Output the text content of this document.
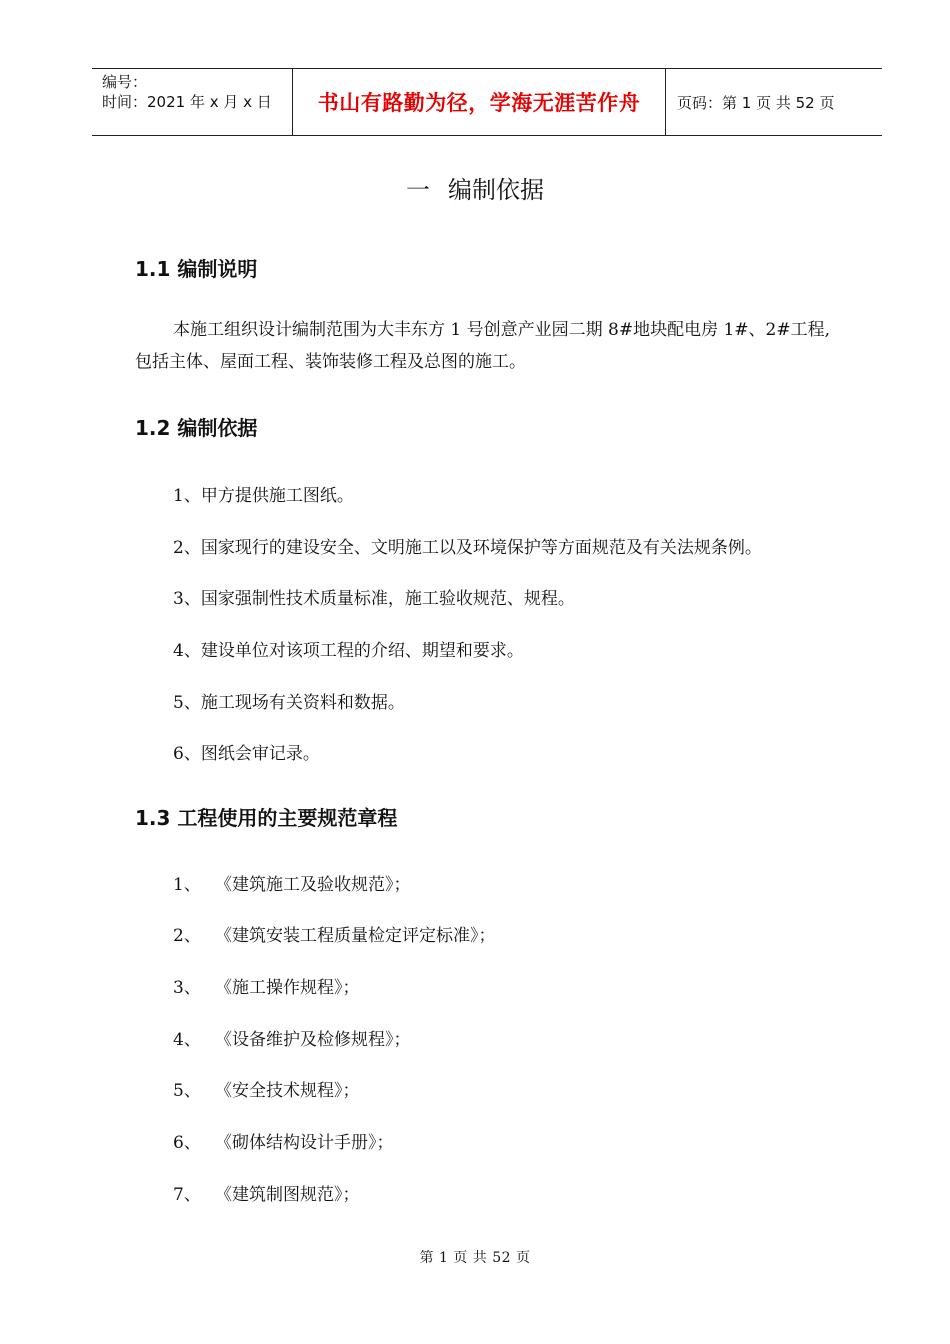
编号：
时间：2021 年 x 月 x 日	书山有路勤为径，学海无涯苦作舟	页码：第 1 页 共 52 页
一 编制依据
1.1 编制说明
本施工组织设计编制范围为大丰东方 1 号创意产业园二期 8#地块配电房 1#、2#工程,包括主体、屋面工程、装饰装修工程及总图的施工。
1.2 编制依据
1、甲方提供施工图纸。
2、国家现行的建设安全、文明施工以及环境保护等方面规范及有关法规条例。
3、国家强制性技术质量标准，施工验收规范、规程。
4、建设单位对该项工程的介绍、期望和要求。
5、施工现场有关资料和数据。
6、图纸会审记录。
1.3 工程使用的主要规范章程
1、 《建筑施工及验收规范》；
2、 《建筑安装工程质量检定评定标准》；
3、 《施工操作规程》；
4、 《设备维护及检修规程》；
5、 《安全技术规程》；
6、 《砌体结构设计手册》；
7、 《建筑制图规范》；
第 1 页 共 52 页
